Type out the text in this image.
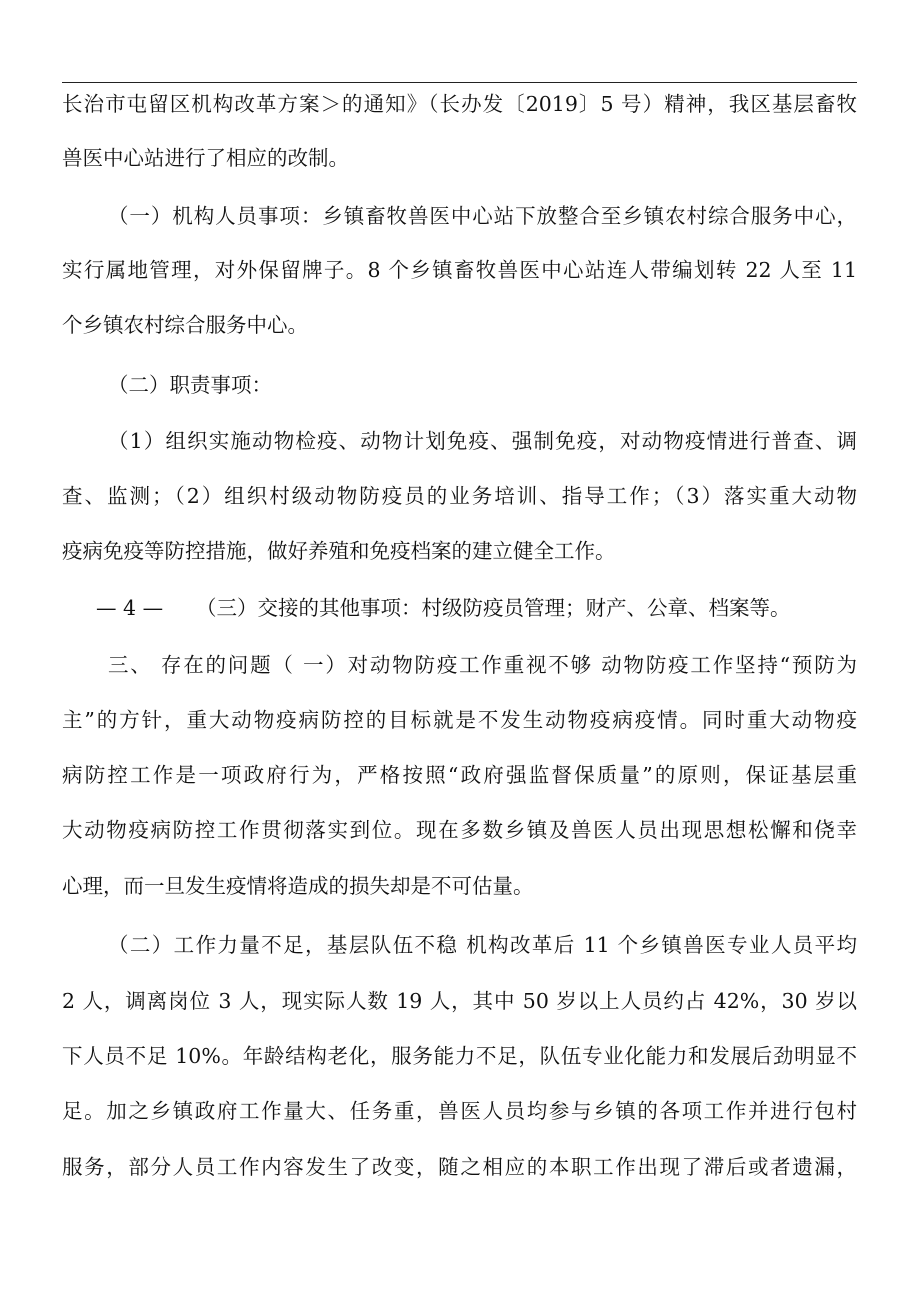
长治市屯留区机构改革方案＞的通知》（长办发〔2019〕5 号）精神，我区基层畜牧
兽医中心站进行了相应的改制。
（一）机构人员事项：乡镇畜牧兽医中心站下放整合至乡镇农村综合服务中心，
实行属地管理，对外保留牌子。8 个乡镇畜牧兽医中心站连人带编划转 22 人至 11
个乡镇农村综合服务中心。
（二）职责事项：
（1）组织实施动物检疫、动物计划免疫、强制免疫，对动物疫情进行普查、调
查、监测；（2）组织村级动物防疫员的业务培训、指导工作；（3）落实重大动物
疫病免疫等防控措施，做好养殖和免疫档案的建立健全工作。
— 4 —	（三）交接的其他事项：村级防疫员管理；财产、公章、档案等。
三、 存在的问题（ 一）对动物防疫工作重视不够 动物防疫工作坚持“预防为
主”的方针，重大动物疫病防控的目标就是不发生动物疫病疫情。同时重大动物疫
病防控工作是一项政府行为，严格按照“政府强监督保质量”的原则，保证基层重
大动物疫病防控工作贯彻落实到位。现在多数乡镇及兽医人员出现思想松懈和侥幸
心理，而一旦发生疫情将造成的损失却是不可估量。
（二）工作力量不足，基层队伍不稳 机构改革后 11 个乡镇兽医专业人员平均
2 人，调离岗位 3 人，现实际人数 19 人，其中 50 岁以上人员约占 42%，30 岁以
下人员不足 10%。年龄结构老化，服务能力不足，队伍专业化能力和发展后劲明显不
足。加之乡镇政府工作量大、任务重，兽医人员均参与乡镇的各项工作并进行包村
服务，部分人员工作内容发生了改变，随之相应的本职工作出现了滞后或者遗漏，
